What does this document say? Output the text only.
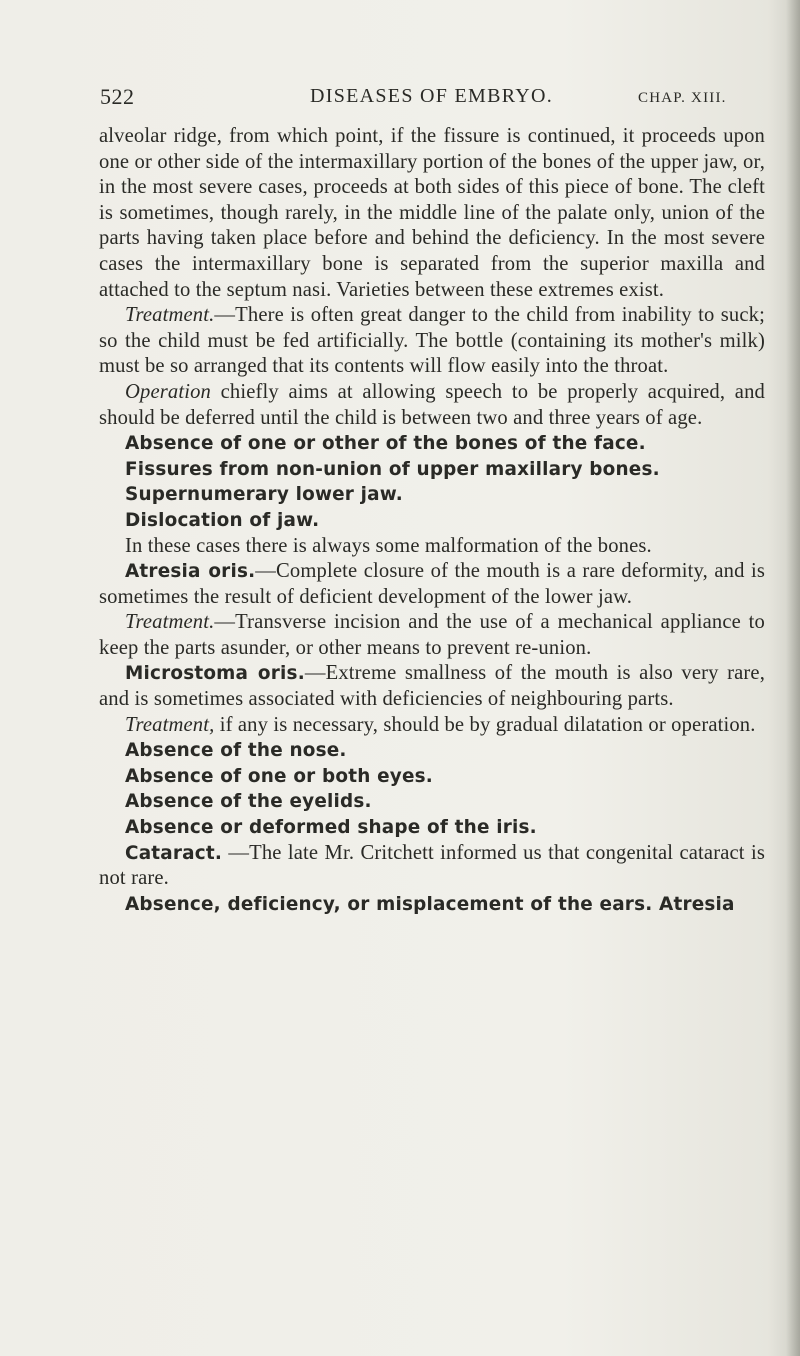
522	DISEASES OF EMBRYO.	CHAP. XIII.

alveolar ridge, from which point, if the fissure is continued, it proceeds upon one or other side of the intermaxillary portion of the bones of the upper jaw, or, in the most severe cases, proceeds at both sides of this piece of bone. The cleft is sometimes, though rarely, in the middle line of the palate only, union of the parts having taken place before and behind the deficiency. In the most severe cases the intermaxillary bone is separated from the superior maxilla and attached to the septum nasi. Varieties between these extremes exist.

Treatment.—There is often great danger to the child from inability to suck; so the child must be fed artificially. The bottle (containing its mother's milk) must be so arranged that its contents will flow easily into the throat.

Operation chiefly aims at allowing speech to be properly acquired, and should be deferred until the child is between two and three years of age.

Absence of one or other of the bones of the face.

Fissures from non-union of upper maxillary bones.

Supernumerary lower jaw.

Dislocation of jaw.

In these cases there is always some malformation of the bones.

Atresia oris.—Complete closure of the mouth is a rare deformity, and is sometimes the result of deficient development of the lower jaw.

Treatment.—Transverse incision and the use of a mechanical appliance to keep the parts asunder, or other means to prevent re-union.

Microstoma oris.—Extreme smallness of the mouth is also very rare, and is sometimes associated with deficiencies of neighbouring parts.

Treatment, if any is necessary, should be by gradual dilatation or operation.

Absence of the nose.

Absence of one or both eyes.

Absence of the eyelids.

Absence or deformed shape of the iris.

Cataract. —The late Mr. Critchett informed us that congenital cataract is not rare.

Absence, deficiency, or misplacement of the ears. Atresia
